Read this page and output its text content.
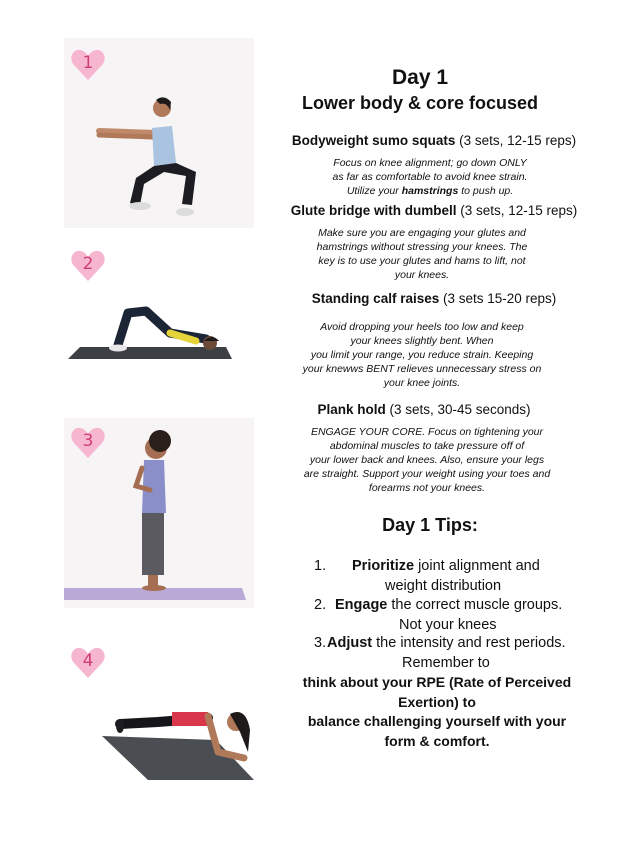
1
2
3
4
Day 1
Lower body & core focused
Bodyweight sumo squats (3 sets, 12-15 reps)
Focus on knee alignment; go down ONLY
as far as comfortable to avoid knee strain.
Utilize your hamstrings to push up.
Glute bridge with dumbell (3 sets, 12-15 reps)
Make sure you are engaging your glutes and
hamstrings without stressing your knees. The
key is to use your glutes and hams to lift, not
your knees.
Standing calf raises (3 sets 15-20 reps)
Avoid dropping your heels too low and keep
your knees slightly bent. When
you limit your range, you reduce strain. Keeping
your knewws BENT relieves unnecessary stress on
your knee joints.
Plank hold (3 sets, 30-45 seconds)
ENGAGE YOUR CORE. Focus on tightening your
abdominal muscles to take pressure off of
your lower back and knees. Also, ensure your legs
are straight. Support your weight using your toes and
forearms not your knees.
Day 1 Tips:
1.	Prioritize joint alignment and
weight distribution
2. Engage the correct muscle groups.
Not your knees
3. Adjust the intensity and rest periods.
Remember to
think about your RPE (Rate of Perceived
Exertion) to
balance challenging yourself with your
form & comfort.
